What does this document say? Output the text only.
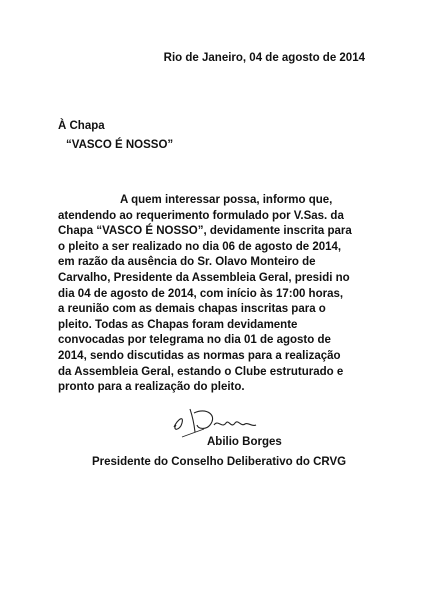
Rio de Janeiro, 04 de agosto de 2014
À Chapa
“VASCO É NOSSO”
A quem interessar possa, informo que,
atendendo ao requerimento formulado por V.Sas. da
Chapa “VASCO É NOSSO”, devidamente inscrita para
o pleito a ser realizado no dia 06 de agosto de 2014,
em razão da ausência do Sr. Olavo Monteiro de
Carvalho, Presidente da Assembleia Geral, presidi no
dia 04 de agosto de 2014, com início às 17:00 horas,
a reunião com as demais chapas inscritas para o
pleito. Todas as Chapas foram devidamente
convocadas por telegrama no dia 01 de agosto de
2014, sendo discutidas as normas para a realização
da Assembleia Geral, estando o Clube estruturado e
pronto para a realização do pleito.
Abilio Borges
Presidente do Conselho Deliberativo do CRVG
